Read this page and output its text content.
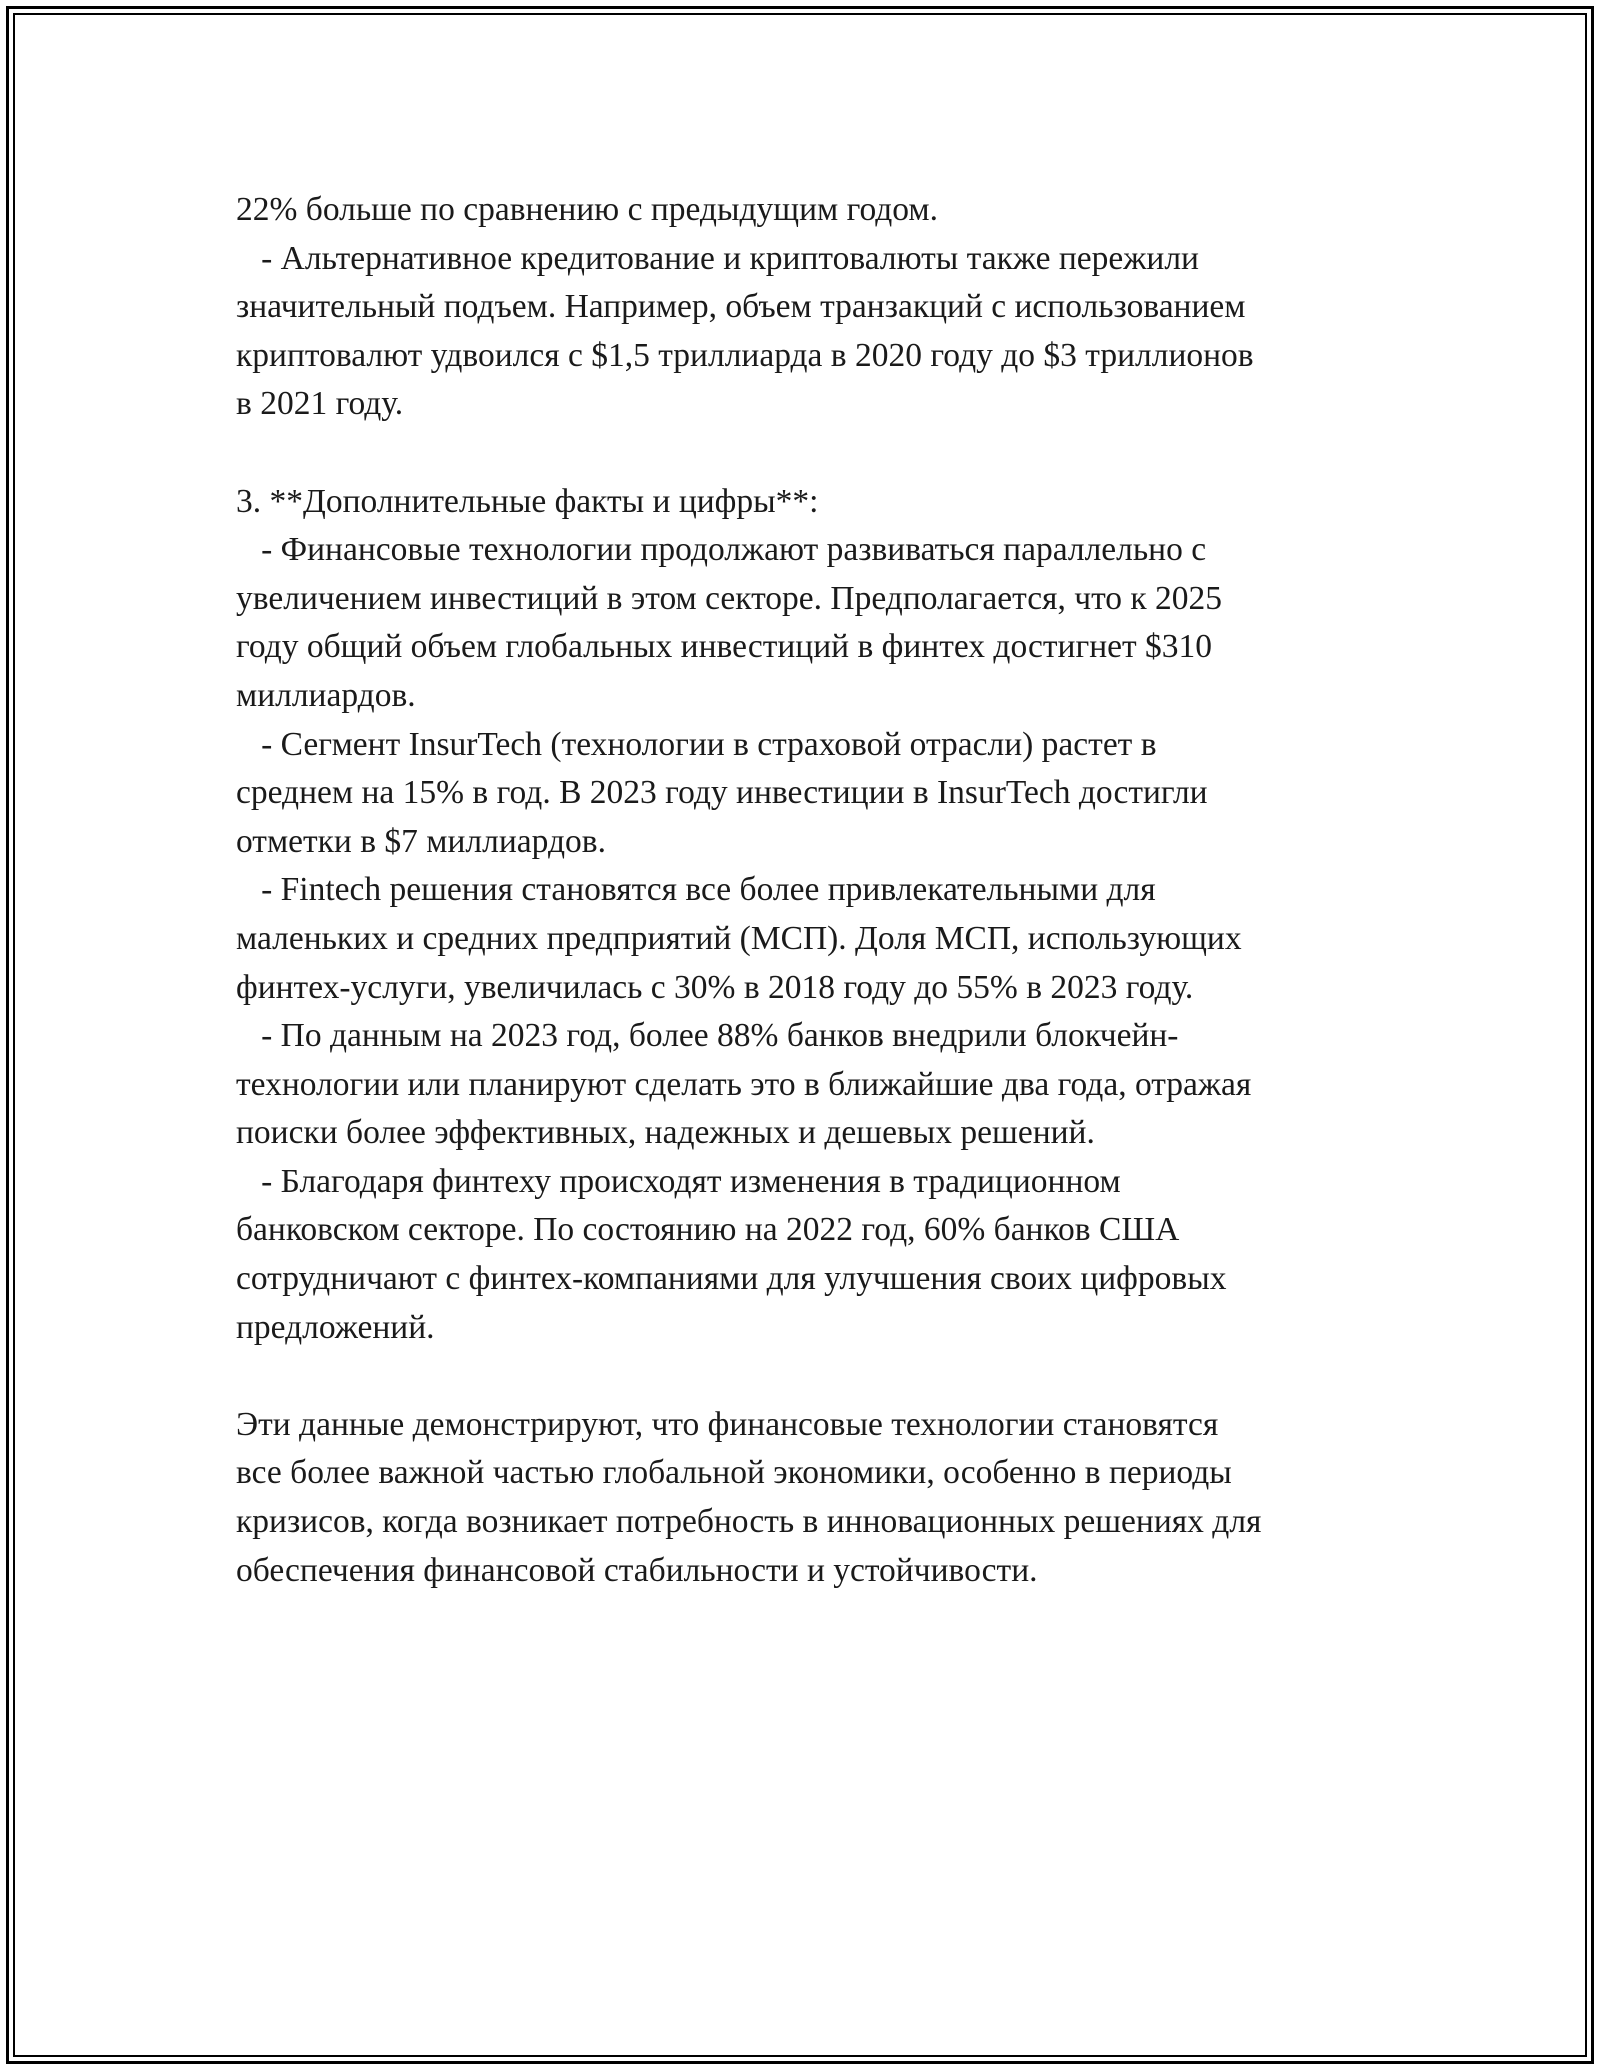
22% больше по сравнению с предыдущим годом.

- Альтернативное кредитование и криптовалюты также пережили

значительный подъем. Например, объем транзакций с использованием

криптовалют удвоился с $1,5 триллиарда в 2020 году до $3 триллионов

в 2021 году.

3. **Дополнительные факты и цифры**:

- Финансовые технологии продолжают развиваться параллельно с

увеличением инвестиций в этом секторе. Предполагается, что к 2025

году общий объем глобальных инвестиций в финтех достигнет $310

миллиардов.

- Сегмент InsurTech (технологии в страховой отрасли) растет в

среднем на 15% в год. В 2023 году инвестиции в InsurTech достигли

отметки в $7 миллиардов.

- Fintech решения становятся все более привлекательными для

маленьких и средних предприятий (МСП). Доля МСП, использующих

финтех-услуги, увеличилась с 30% в 2018 году до 55% в 2023 году.

- По данным на 2023 год, более 88% банков внедрили блокчейн-

технологии или планируют сделать это в ближайшие два года, отражая

поиски более эффективных, надежных и дешевых решений.

- Благодаря финтеху происходят изменения в традиционном

банковском секторе. По состоянию на 2022 год, 60% банков США

сотрудничают с финтех-компаниями для улучшения своих цифровых

предложений.

Эти данные демонстрируют, что финансовые технологии становятся

все более важной частью глобальной экономики, особенно в периоды

кризисов, когда возникает потребность в инновационных решениях для

обеспечения финансовой стабильности и устойчивости.
